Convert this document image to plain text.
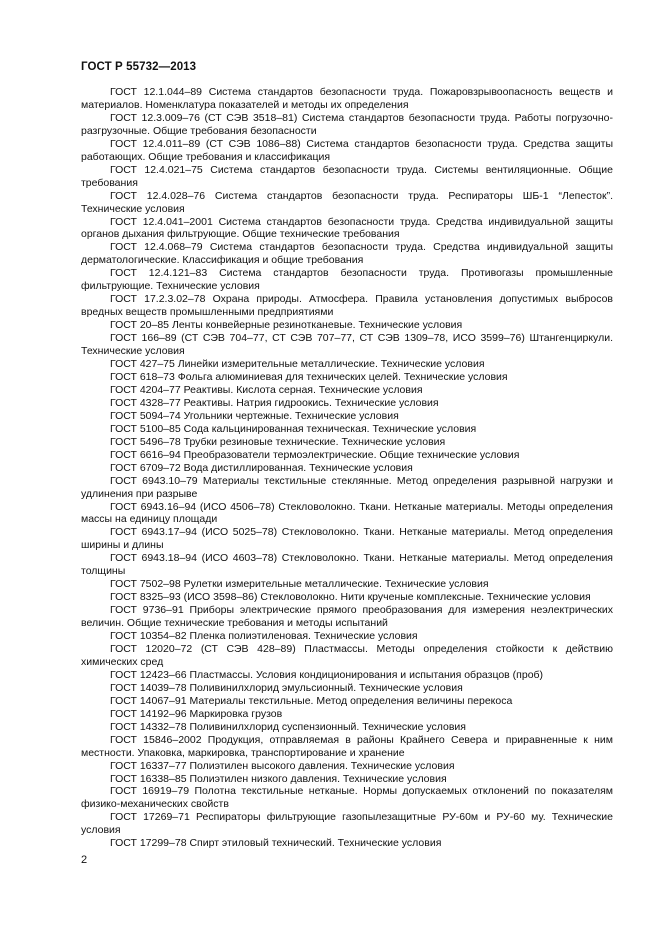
ГОСТ Р 55732—2013

ГОСТ 12.1.044–89 Система стандартов безопасности труда. Пожаровзрывоопасность веществ и материалов. Номенклатура показателей и методы их определения

ГОСТ 12.3.009–76 (СТ СЭВ 3518–81) Система стандартов безопасности труда. Работы погрузочно-разгрузочные. Общие требования безопасности

ГОСТ 12.4.011–89 (СТ СЭВ 1086–88) Система стандартов безопасности труда. Средства защиты работающих. Общие требования и классификация

ГОСТ 12.4.021–75 Система стандартов безопасности труда. Системы вентиляционные. Общие требования

ГОСТ 12.4.028–76 Система стандартов безопасности труда. Респираторы ШБ-1 “Лепесток”. Технические условия

ГОСТ 12.4.041–2001 Система стандартов безопасности труда. Средства индивидуальной защиты органов дыхания фильтрующие. Общие технические требования

ГОСТ 12.4.068–79 Система стандартов безопасности труда. Средства индивидуальной защиты дерматологические. Классификация и общие требования

ГОСТ 12.4.121–83 Система стандартов безопасности труда. Противогазы промышленные фильтрующие. Технические условия

ГОСТ 17.2.3.02–78 Охрана природы. Атмосфера. Правила установления допустимых выбросов вредных веществ промышленными предприятиями

ГОСТ 20–85 Ленты конвейерные резинотканевые. Технические условия

ГОСТ 166–89 (СТ СЭВ 704–77, СТ СЭВ 707–77, СТ СЭВ 1309–78, ИСО 3599–76) Штангенциркули. Технические условия

ГОСТ 427–75 Линейки измерительные металлические. Технические условия

ГОСТ 618–73 Фольга алюминиевая для технических целей. Технические условия

ГОСТ 4204–77 Реактивы. Кислота серная. Технические условия

ГОСТ 4328–77 Реактивы. Натрия гидроокись. Технические условия

ГОСТ 5094–74 Угольники чертежные. Технические условия

ГОСТ 5100–85 Сода кальцинированная техническая. Технические условия

ГОСТ 5496–78 Трубки резиновые технические. Технические условия

ГОСТ 6616–94 Преобразователи термоэлектрические. Общие технические условия

ГОСТ 6709–72 Вода дистиллированная. Технические условия

ГОСТ 6943.10–79 Материалы текстильные стеклянные. Метод определения разрывной нагрузки и удлинения при разрыве

ГОСТ 6943.16–94 (ИСО 4506–78) Стекловолокно. Ткани. Нетканые материалы. Методы определения массы на единицу площади

ГОСТ 6943.17–94 (ИСО 5025–78) Стекловолокно. Ткани. Нетканые материалы. Метод определения ширины и длины

ГОСТ 6943.18–94 (ИСО 4603–78) Стекловолокно. Ткани. Нетканые материалы. Метод определения толщины

ГОСТ 7502–98 Рулетки измерительные металлические. Технические условия

ГОСТ 8325–93 (ИСО 3598–86) Стекловолокно. Нити крученые комплексные. Технические условия

ГОСТ 9736–91 Приборы электрические прямого преобразования для измерения неэлектрических величин. Общие технические требования и методы испытаний

ГОСТ 10354–82 Пленка полиэтиленовая. Технические условия

ГОСТ 12020–72 (СТ СЭВ 428–89) Пластмассы. Методы определения стойкости к действию химических сред

ГОСТ 12423–66 Пластмассы. Условия кондиционирования и испытания образцов (проб)

ГОСТ 14039–78 Поливинилхлорид эмульсионный. Технические условия

ГОСТ 14067–91 Материалы текстильные. Метод определения величины перекоса

ГОСТ 14192–96 Маркировка грузов

ГОСТ 14332–78 Поливинилхлорид суспензионный. Технические условия

ГОСТ 15846–2002 Продукция, отправляемая в районы Крайнего Севера и приравненные к ним местности. Упаковка, маркировка, транспортирование и хранение

ГОСТ 16337–77 Полиэтилен высокого давления. Технические условия

ГОСТ 16338–85 Полиэтилен низкого давления. Технические условия

ГОСТ 16919–79 Полотна текстильные нетканые. Нормы допускаемых отклонений по показателям физико-механических свойств

ГОСТ 17269–71 Респираторы фильтрующие газопылезащитные РУ-60м и РУ-60 му. Технические условия

ГОСТ 17299–78 Спирт этиловый технический. Технические условия

2
